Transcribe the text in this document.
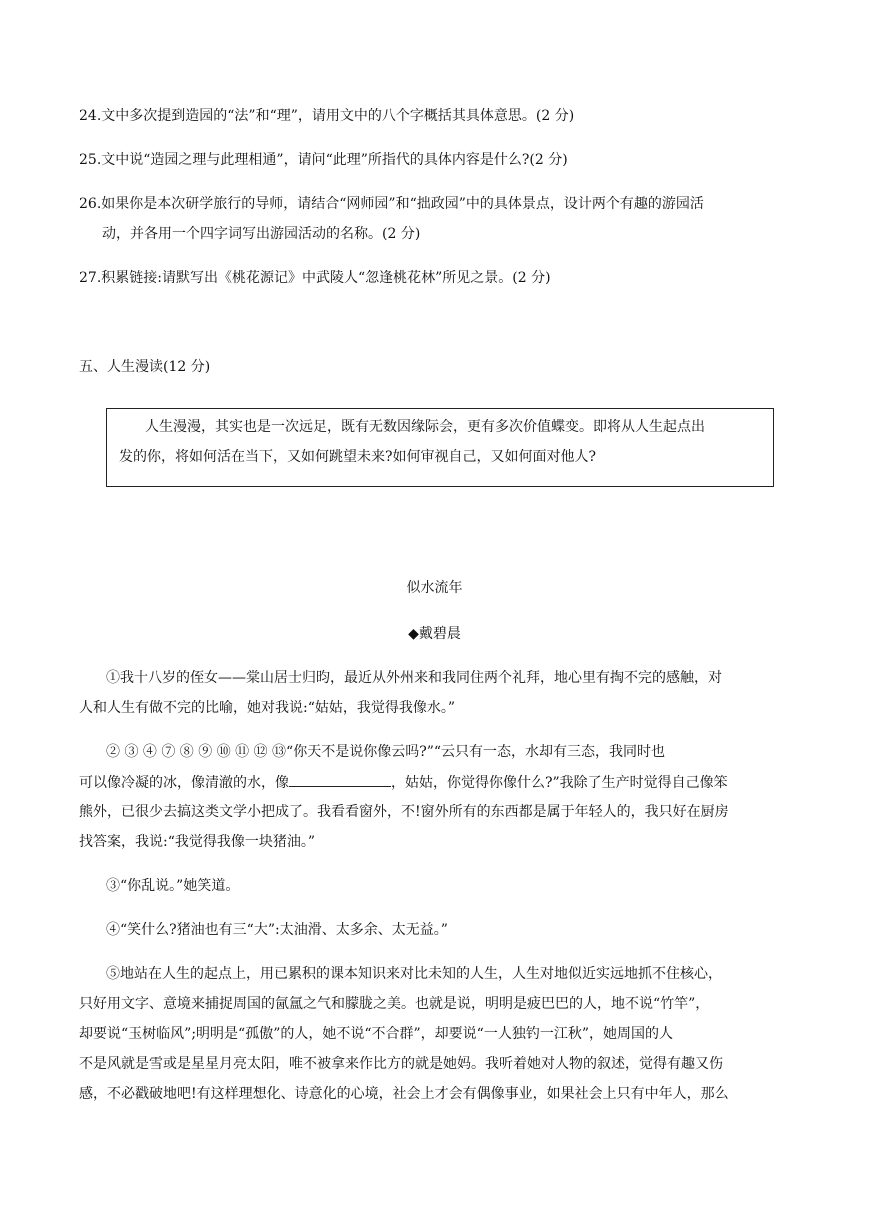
24.文中多次提到造园的“法”和“理”，请用文中的八个字概括其具体意思。(2 分)
25.文中说“造园之理与此理相通”，请问“此理”所指代的具体内容是什么?(2 分)
26.如果你是本次研学旅行的导师，请结合“网师园”和“拙政园”中的具体景点，设计两个有趣的游园活
动，并各用一个四字词写出游园活动的名称。(2 分)
27.积累链接:请默写出《桃花源记》中武陵人“忽逢桃花林”所见之景。(2 分)
五、人生漫读(12 分)
人生漫漫，其实也是一次远足，既有无数因缘际会，更有多次价值蝶变。即将从人生起点出
发的你，将如何活在当下，又如何跳望未来?如何审视自己，又如何面对他人?
似水流年
◆戴碧晨
①我十八岁的侄女——棠山居士归昀，最近从外州来和我同住两个礼拜，地心里有掏不完的感触，对
人和人生有做不完的比喻，她对我说:“姑姑，我觉得我像水。”
② ③ ④ ⑦ ⑧ ⑨ ⑩ ⑪ ⑫ ⑬“你天不是说你像云吗?”“云只有一态，水却有三态，我同时也
可以像冷凝的冰，像清澈的水，像	，姑姑，你觉得你像什么?”我除了生产时觉得自己像笨
熊外，已很少去搞这类文学小把成了。我看看窗外，不!窗外所有的东西都是属于年轻人的，我只好在厨房
找答案，我说:“我觉得我像一块猪油。”
③“你乱说。”她笑道。
④“笑什么?猪油也有三“大”:太油滑、太多余、太无益。”
⑤地站在人生的起点上，用已累积的课本知识来对比未知的人生，人生对地似近实远地抓不住核心，
只好用文字、意境来捕捉周国的氤氲之气和朦胧之美。也就是说，明明是疲巴巴的人，地不说“竹竿”，
却要说“玉树临风”;明明是“孤傲”的人，她不说“不合群”，却要说“一人独钓一江秋”，她周国的人
不是风就是雪或是星星月亮太阳，唯不被拿来作比方的就是她妈。我听着她对人物的叙述，觉得有趣又伤
感，不必戳破地吧!有这样理想化、诗意化的心境，社会上才会有偶像事业，如果社会上只有中年人，那么
